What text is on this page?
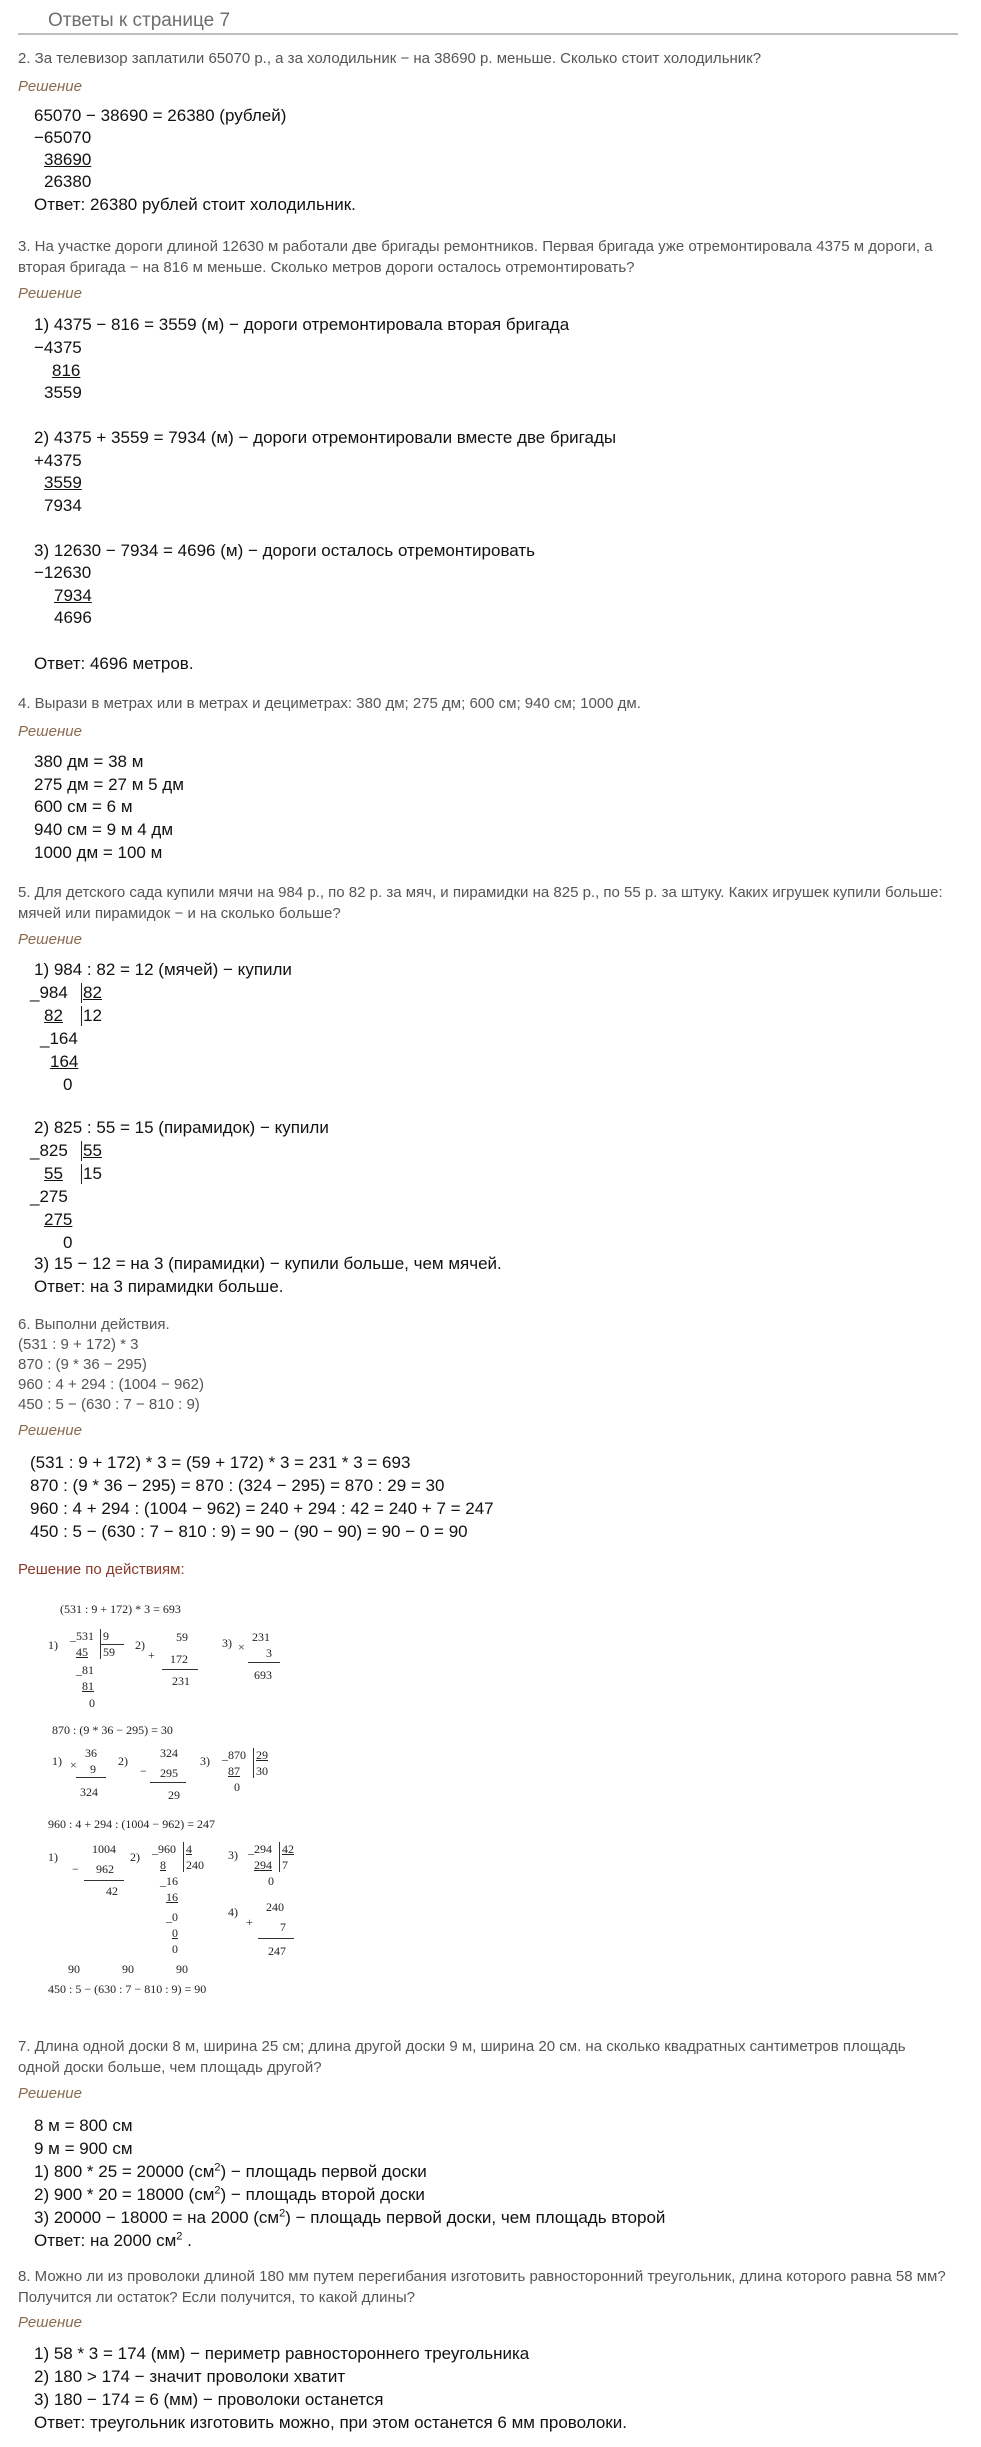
Ответы к странице 7
2. За телевизор заплатили 65070 р., а за холодильник − на 38690 р. меньше. Сколько стоит холодильник?
Решение
65070 − 38690 = 26380 (рублей)
−65070
38690
26380
Ответ: 26380 рублей стоит холодильник.
3. На участке дороги длиной 12630 м работали две бригады ремонтников. Первая бригада уже отремонтировала 4375 м дороги, а вторая бригада − на 816 м меньше. Сколько метров дороги осталось отремонтировать?
Решение
1) 4375 − 816 = 3559 (м) − дороги отремонтировала вторая бригада
−4375
816
3559
2) 4375 + 3559 = 7934 (м) − дороги отремонтировали вместе две бригады
+4375
3559
7934
3) 12630 − 7934 = 4696 (м) − дороги осталось отремонтировать
−12630
7934
4696
Ответ: 4696 метров.
4. Вырази в метрах или в метрах и дециметрах: 380 дм; 275 дм; 600 см; 940 см; 1000 дм.
Решение
380 дм = 38 м
275 дм = 27 м 5 дм
600 см = 6 м
940 см = 9 м 4 дм
1000 дм = 100 м
5. Для детского сада купили мячи на 984 р., по 82 р. за мяч, и пирамидки на 825 р., по 55 р. за штуку. Каких игрушек купили больше: мячей или пирамидок − и на сколько больше?
Решение
1) 984 : 82 = 12 (мячей) − купили
_984 82
82 12
_164
164
0
2) 825 : 55 = 15 (пирамидок) − купили
_825 55
55 15
_275
275
0
3) 15 − 12 = на 3 (пирамидки) − купили больше, чем мячей.
Ответ: на 3 пирамидки больше.
6. Выполни действия.
(531 : 9 + 172) * 3
870 : (9 * 36 − 295)
960 : 4 + 294 : (1004 − 962)
450 : 5 − (630 : 7 − 810 : 9)
Решение
(531 : 9 + 172) * 3 = (59 + 172) * 3 = 231 * 3 = 693
870 : (9 * 36 − 295) = 870 : (324 − 295) = 870 : 29 = 30
960 : 4 + 294 : (1004 − 962) = 240 + 294 : 42 = 240 + 7 = 247
450 : 5 − (630 : 7 − 810 : 9) = 90 − (90 − 90) = 90 − 0 = 90
Решение по действиям:
(531 : 9 + 172) * 3 = 693
1)
_531 9
45 59
_81
81
0
2)
+
59
172
231
3) ×
231
3
693
870 : (9 * 36 − 295) = 30
1) ×
36
9
324
2)
−
324
295
29
3) _870 29
87 30
0
960 : 4 + 294 : (1004 − 962) = 247
1)
−
1004
962
42
2)
_960 4
8 240
_16
16
_0
0
0
3) _294 42
294 7
0
4)
+
240
7
247
90	90	90
450 : 5 − (630 : 7 − 810 : 9) = 90
7. Длина одной доски 8 м, ширина 25 см; длина другой доски 9 м, ширина 20 см. на сколько квадратных сантиметров площадь одной доски больше, чем площадь другой?
Решение
8 м = 800 см
9 м = 900 см
1) 800 * 25 = 20000 $(см^2)$ − площадь первой доски
2) 900 * 20 = 18000 $(см^2)$ − площадь второй доски
3) 20000 − 18000 = на 2000 $(см^2)$ − площадь первой доски, чем площадь второй
Ответ: на 2000 $см^2$ .
8. Можно ли из проволоки длиной 180 мм путем перегибания изготовить равносторонний треугольник, длина которого равна 58 мм? Получится ли остаток? Если получится, то какой длины?
Решение
1) 58 * 3 = 174 (мм) − периметр равностороннего треугольника
2) 180 > 174 − значит проволоки хватит
3) 180 − 174 = 6 (мм) − проволоки останется
Ответ: треугольник изготовить можно, при этом останется 6 мм проволоки.
